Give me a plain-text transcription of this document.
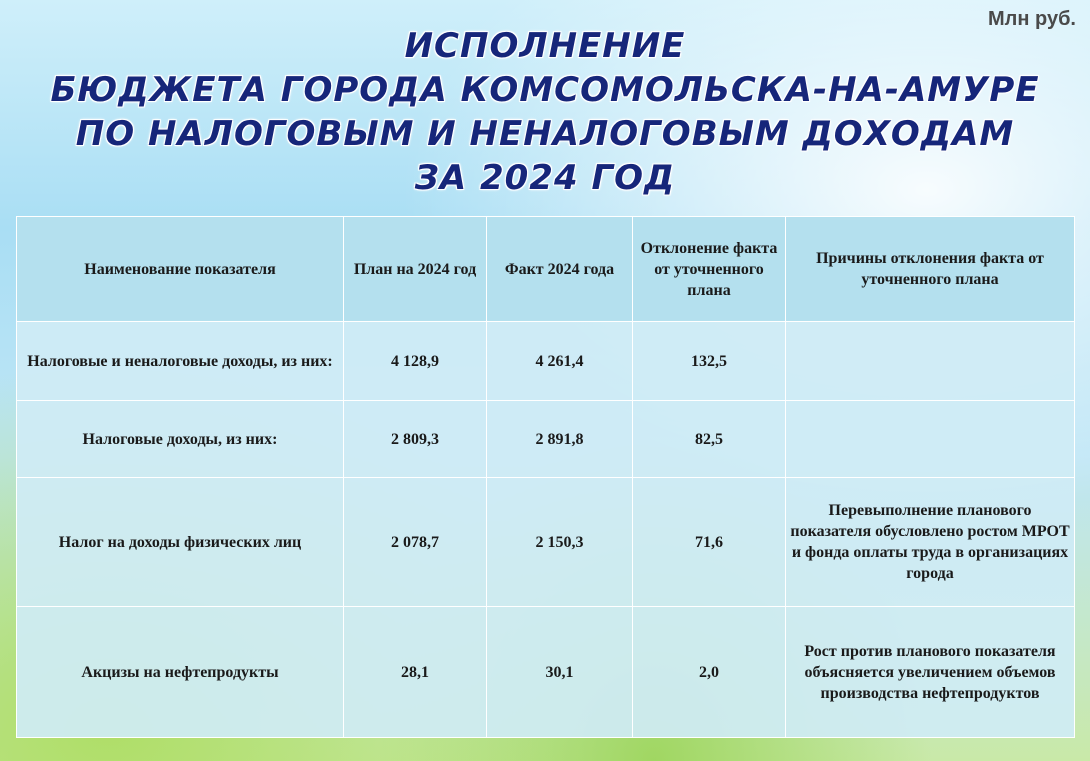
Млн руб.
ИСПОЛНЕНИЕ
БЮДЖЕТА ГОРОДА КОМСОМОЛЬСКА-НА-АМУРЕ
ПО НАЛОГОВЫМ И НЕНАЛОГОВЫМ ДОХОДАМ
ЗА 2024 ГОД
Наименование показателя	План на 2024 год	Факт 2024 года	Отклонение факта от уточненного плана	Причины отклонения факта от уточненного плана
Налоговые и неналоговые доходы, из них:	4 128,9	4 261,4	132,5	
Налоговые доходы, из них:	2 809,3	2 891,8	82,5	
Налог на доходы физических лиц	2 078,7	2 150,3	71,6	Перевыполнение планового показателя обусловлено ростом МРОТ и фонда оплаты труда в организациях города
Акцизы на нефтепродукты	28,1	30,1	2,0	Рост против планового показателя объясняется увеличением объемов производства нефтепродуктов
